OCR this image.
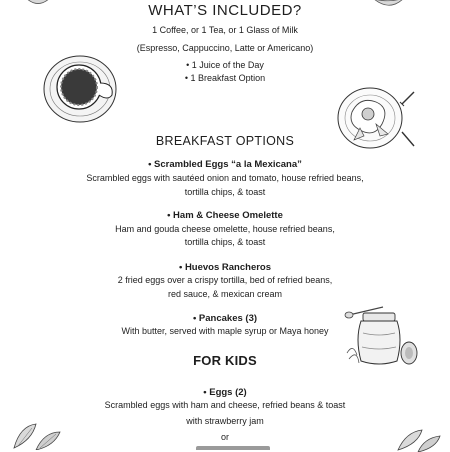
WHAT’S INCLUDED?
1 Coffee, or 1 Tea, or 1 Glass of Milk
(Espresso, Cappuccino, Latte or Americano)
• 1 Juice of the Day
• 1 Breakfast Option
BREAKFAST OPTIONS
• Scrambled Eggs “a la Mexicana”
Scrambled eggs with sautéed onion and tomato, house refried beans,
tortilla chips, & toast
• Ham & Cheese Omelette
Ham and gouda cheese omelette, house refried beans,
tortilla chips, & toast
• Huevos Rancheros
2 fried eggs over a crispy tortilla, bed of refried beans,
red sauce, & mexican cream
• Pancakes (3)
With butter, served with maple syrup or Maya honey
FOR KIDS
• Eggs (2)
Scrambled eggs with ham and cheese, refried beans & toast
with strawberry jam
or
